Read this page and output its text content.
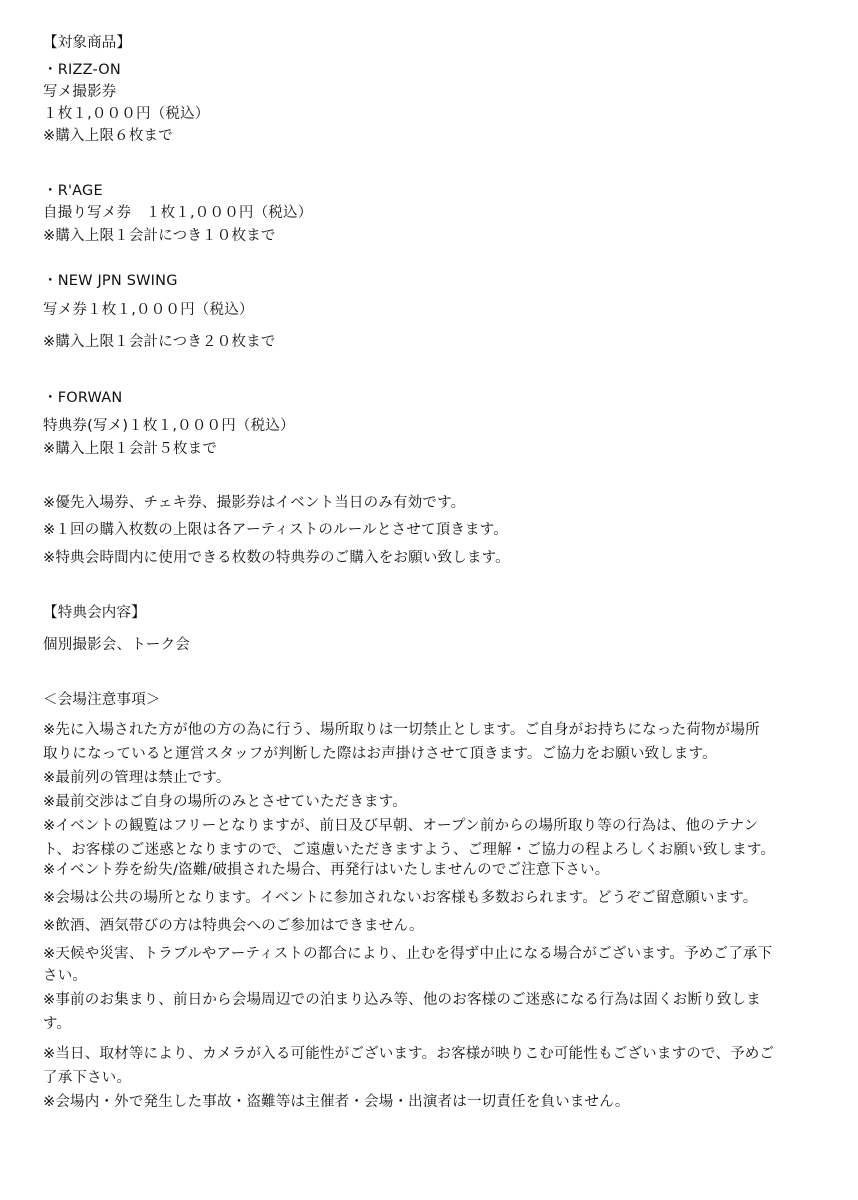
【対象商品】
・RIZZ-ON
写メ撮影券
１枚１,０００円（税込）
※購入上限６枚まで
・R'AGE
自撮り写メ券　１枚１,０００円（税込）
※購入上限１会計につき１０枚まで
・NEW JPN SWING
写メ券１枚１,０００円（税込）
※購入上限１会計につき２０枚まで
・FORWAN
特典券(写メ)１枚１,０００円（税込）
※購入上限１会計５枚まで
※優先入場券、チェキ券、撮影券はイベント当日のみ有効です。
※１回の購入枚数の上限は各アーティストのルールとさせて頂きます。
※特典会時間内に使用できる枚数の特典券のご購入をお願い致します。
【特典会内容】
個別撮影会、トーク会
＜会場注意事項＞
※先に入場された方が他の方の為に行う、場所取りは一切禁止とします。ご自身がお持ちになった荷物が場所
取りになっていると運営スタッフが判断した際はお声掛けさせて頂きます。ご協力をお願い致します。
※最前列の管理は禁止です。
※最前交渉はご自身の場所のみとさせていただきます。
※イベントの観覧はフリーとなりますが、前日及び早朝、オープン前からの場所取り等の行為は、他のテナン
ト、お客様のご迷惑となりますので、ご遠慮いただきますよう、ご理解・ご協力の程よろしくお願い致します。
※イベント券を紛失/盗難/破損された場合、再発行はいたしませんのでご注意下さい。
※会場は公共の場所となります。イベントに参加されないお客様も多数おられます。どうぞご留意願います。
※飲酒、酒気帯びの方は特典会へのご参加はできません。
※天候や災害、トラブルやアーティストの都合により、止むを得ず中止になる場合がございます。予めご了承下
さい。
※事前のお集まり、前日から会場周辺での泊まり込み等、他のお客様のご迷惑になる行為は固くお断り致しま
す。
※当日、取材等により、カメラが入る可能性がございます。お客様が映りこむ可能性もございますので、予めご
了承下さい。
※会場内・外で発生した事故・盗難等は主催者・会場・出演者は一切責任を負いません。
